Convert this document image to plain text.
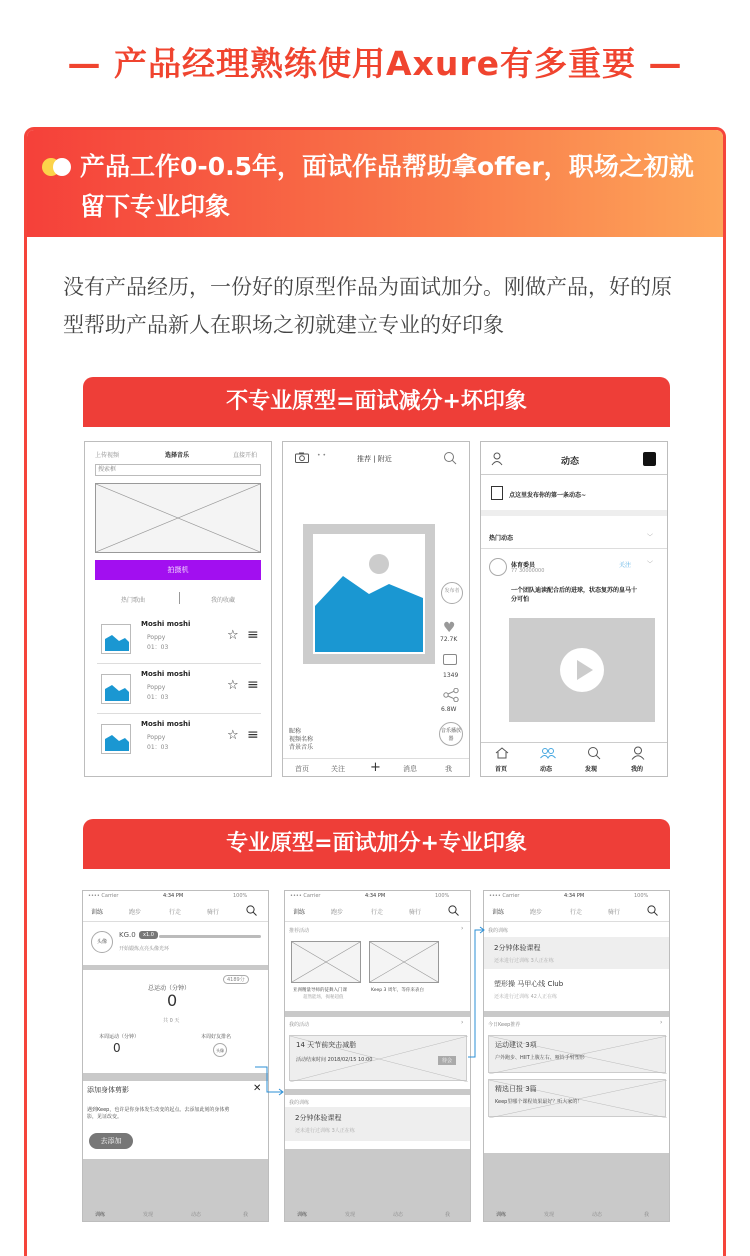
— 产品经理熟练使用Axure有多重要 —
产品工作0-0.5年，面试作品帮助拿offer，职场之初就留下专业印象
没有产品经历，一份好的原型作品为面试加分。刚做产品，好的原型帮助产品新人在职场之初就建立专业的好印象
不专业原型=面试减分+坏印象
上传视频	选择音乐	直接开拍
搜索框
拍摄机
热门歌曲	我的收藏
Moshi moshi
Poppy
01：03
☆ ≡
Moshi moshi
Poppy
01：03
☆ ≡
Moshi moshi
Poppy
01：03
☆ ≡
• •	推荐 | 附近
发布者
♥
72.7K
1349
6.8W
音乐播放器
昵称
视频名称
背景音乐
首页	关注 +	消息	我
动态
点这里发布你的第一条动态~
热门动态	﹀
体育委员
77 30000000
关注	﹀
一个团队迪读配合后的进球，状态复苏的皇马十分可怕
首页	动态	发现	我的
专业原型=面试加分+专业印象
•••• Carrier	4:34 PM	100%
训练	跑步	行走	骑行
头像
KG.0	x1.0
开始锻炼点亮头像光环
4189分
总运动（分钟）
0
共 0 天
本周运动（分钟）
0
本周好友排名
头像
添加身体剪影	✕
遇到Keep，也许是你身体发生改变的起点。去添加此刻的身体剪影，见证改变。
去添加
训练	发现	动态	我
•••• Carrier	4:34 PM	100%
训练	跑步	行走	骑行
推荐活动	›
亚洲精量导师的徒舞入门课
超然能场，揭秘超值
Keep 3 周年，等你来表白
我的活动	›
14 天节前突击减脂
活动结束时间 2018/02/15 10:00	待会
我的训练
2分钟体验课程
还未进行过训练 3人正在练
训练	发现	动态	我
•••• Carrier	4:34 PM	100%
训练	跑步	行走	骑行
我的训练
2分钟体验课程
还未进行过训练 3人正在练
塑形操 马甲心线 Club
还未进行过训练 42人正在练
今日Keep推荐	›
运动建议 3项
户外跑步、HIIT上腹左右、哑铃手臂塑形
精选日报 3篇
Keep里哪个课程效果最好？听大家的！
训练	发现	动态	我
